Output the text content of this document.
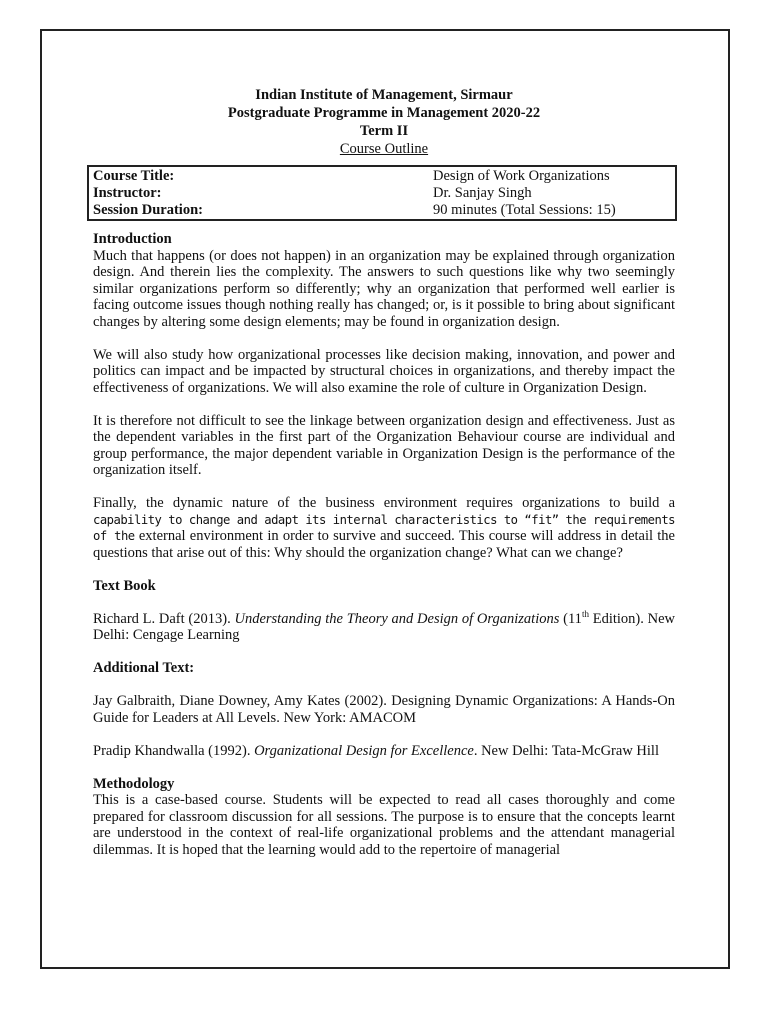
Indian Institute of Management, Sirmaur
Postgraduate Programme in Management 2020-22
Term II
Course Outline
Course Title:	Design of Work Organizations
Instructor:	Dr. Sanjay Singh
Session Duration:	90 minutes (Total Sessions: 15)
Introduction

Much that happens (or does not happen) in an organization may be explained through organization design. And therein lies the complexity. The answers to such questions like why two seemingly similar organizations perform so differently; why an organization that performed well earlier is facing outcome issues though nothing really has changed; or, is it possible to bring about significant changes by altering some design elements; may be found in organization design.

We will also study how organizational processes like decision making, innovation, and power and politics can impact and be impacted by structural choices in organizations, and thereby impact the effectiveness of organizations. We will also examine the role of culture in Organization Design.

It is therefore not difficult to see the linkage between organization design and effectiveness. Just as the dependent variables in the first part of the Organization Behaviour course are individual and group performance, the major dependent variable in Organization Design is the performance of the organization itself.

Finally, the dynamic nature of the business environment requires organizations to build a capability to change and adapt its internal characteristics to “fit” the requirements of the external environment in order to survive and succeed. This course will address in detail the questions that arise out of this: Why should the organization change? What can we change?

Text Book

Richard L. Daft (2013). Understanding the Theory and Design of Organizations (11th Edition). New Delhi: Cengage Learning

Additional Text:

Jay Galbraith, Diane Downey, Amy Kates (2002). Designing Dynamic Organizations: A Hands-On Guide for Leaders at All Levels. New York: AMACOM

Pradip Khandwalla (1992). Organizational Design for Excellence. New Delhi: Tata-McGraw Hill

Methodology

This is a case-based course. Students will be expected to read all cases thoroughly and come prepared for classroom discussion for all sessions. The purpose is to ensure that the concepts learnt are understood in the context of real-life organizational problems and the attendant managerial dilemmas. It is hoped that the learning would add to the repertoire of managerial
